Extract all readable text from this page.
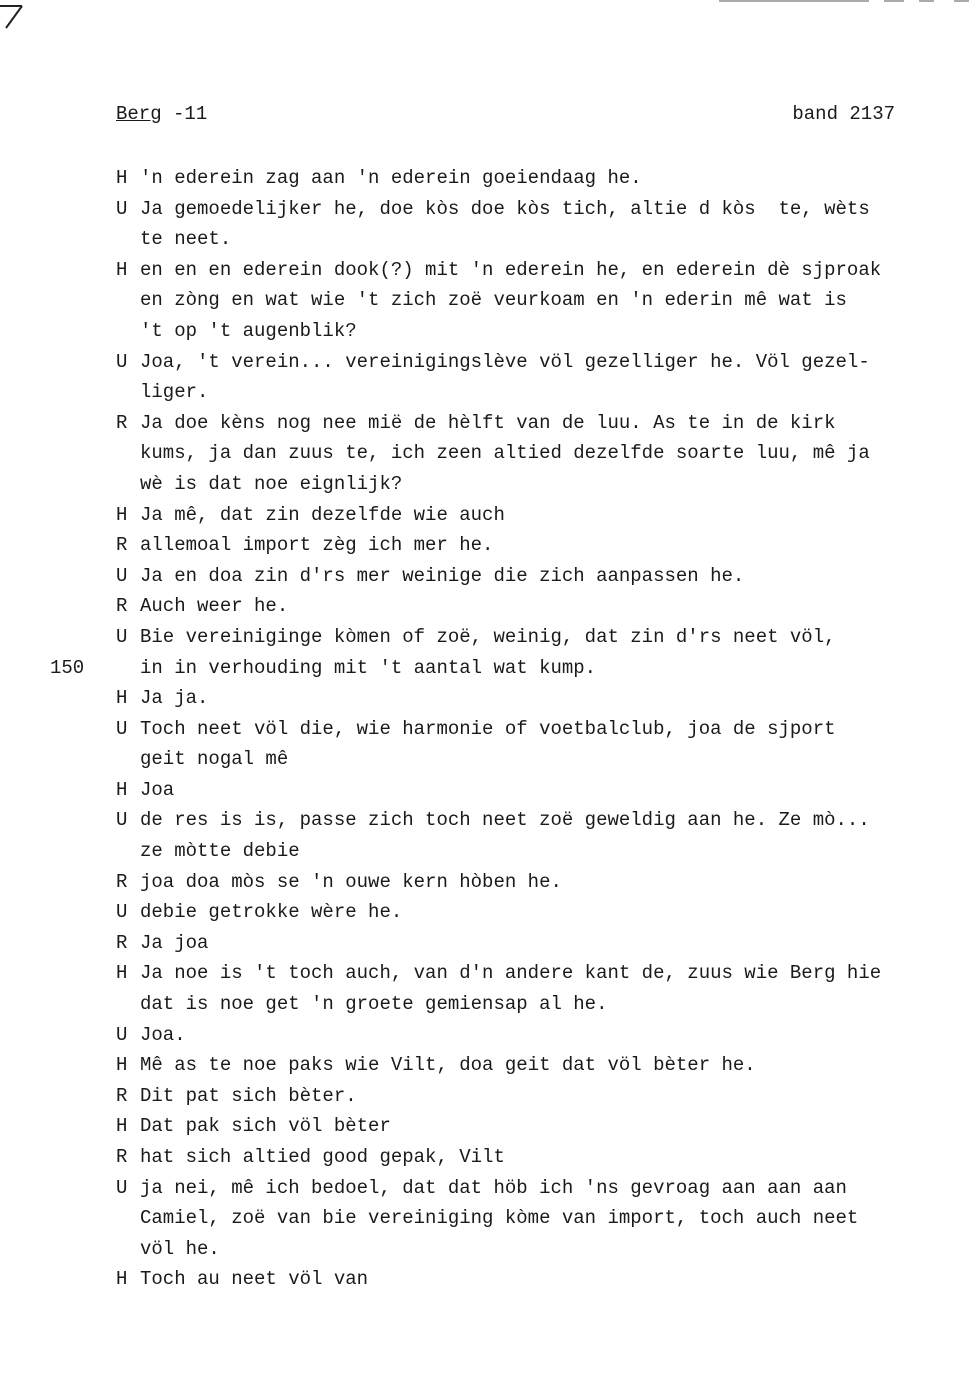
Berg -11	band 2137
H 'n ederein zag aan 'n ederein goeiendaag he.
U Ja gemoedelijker he, doe kòs doe kòs tich, altie d kòs  te, wèts
te neet.
H en en en ederein dook(?) mit 'n ederein he, en ederein dè sjproak
en zòng en wat wie 't zich zoë veurkoam en 'n ederin mê wat is
't op 't augenblik?
U Joa, 't verein... vereinigingslève völ gezelliger he. Völ gezel-
liger.
R Ja doe kèns nog nee mië de hèlft van de luu. As te in de kirk
kums, ja dan zuus te, ich zeen altied dezelfde soarte luu, mê ja
wè is dat noe eignlijk?
H Ja mê, dat zin dezelfde wie auch
R allemoal import zèg ich mer he.
U Ja en doa zin d'rs mer weinige die zich aanpassen he.
R Auch weer he.
U Bie vereiniginge kòmen of zoë, weinig, dat zin d'rs neet völ,
in in verhouding mit 't aantal wat kump.
150
H Ja ja.
U Toch neet völ die, wie harmonie of voetbalclub, joa de sjport
geit nogal mê
H Joa
U de res is is, passe zich toch neet zoë geweldig aan he. Ze mò...
ze mòtte debie
R joa doa mòs se 'n ouwe kern hòben he.
U debie getrokke wère he.
R Ja joa
H Ja noe is 't toch auch, van d'n andere kant de, zuus wie Berg hie
dat is noe get 'n groete gemiensap al he.
U Joa.
H Mê as te noe paks wie Vilt, doa geit dat völ bèter he.
R Dit pat sich bèter.
H Dat pak sich völ bèter
R hat sich altied good gepak, Vilt
U ja nei, mê ich bedoel, dat dat höb ich 'ns gevroag aan aan aan
Camiel, zoë van bie vereiniging kòme van import, toch auch neet
völ he.
H Toch au neet völ van
